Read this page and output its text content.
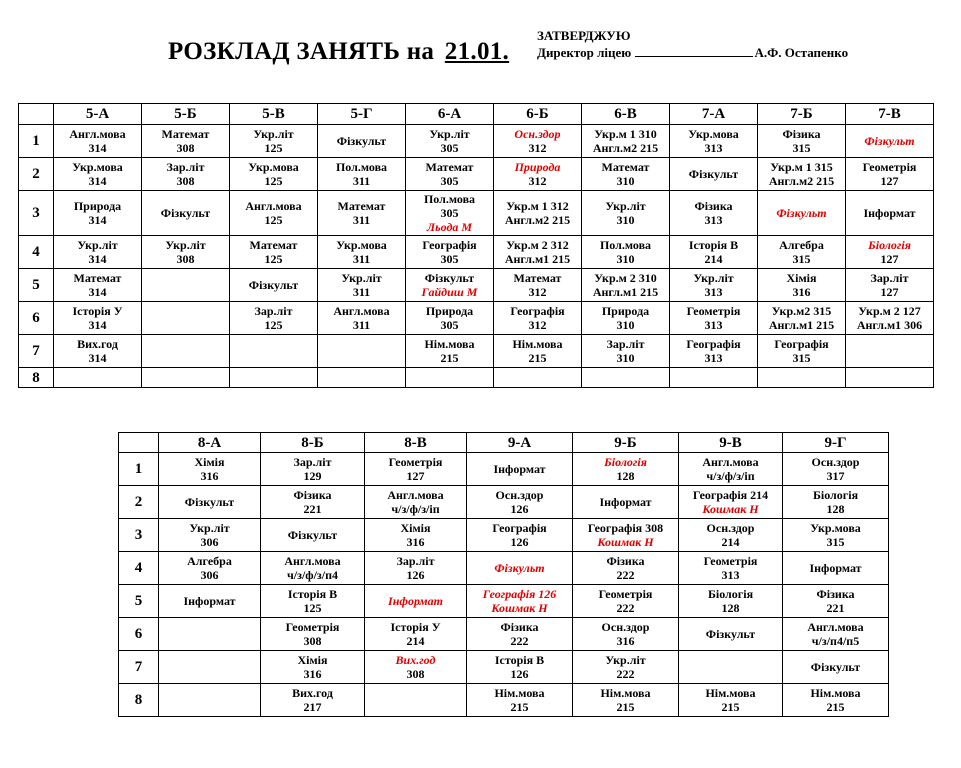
РОЗКЛАД ЗАНЯТЬ на 21.01.
ЗАТВЕРДЖУЮ
Директор ліцею	А.Ф. Остапенко
	5-А	5-Б	5-В	5-Г	6-А	6-Б	6-В	7-А	7-Б	7-В
1	Англ.мова
314	Математ
308	Укр.літ
125	Фізкульт	Укр.літ
305	Осн.здор
312	Укр.м 1 310
Англ.м2 215	Укр.мова
313	Фізика
315	Фізкульт

2	Укр.мова
314	Зар.літ
308	Укр.мова
125	Пол.мова
311	Математ
305	Природа
312	Математ
310	Фізкульт	Укр.м 1 315
Англ.м2 215	Геометрія
127

3	Природа
314	Фізкульт	Англ.мова
125	Математ
311	Пол.мова
305
Льода М	Укр.м 1 312
Англ.м2 215	Укр.літ
310	Фізика
313	Фізкульт	Інформат

4	Укр.літ
314	Укр.літ
308	Математ
125	Укр.мова
311	Географія
305	Укр.м 2 312
Англ.м1 215	Пол.мова
310	Історія В
214	Алгебра
315	Біологія
127

5	Математ
314		Фізкульт	Укр.літ
311	Фізкульт
Гайдиш М	Математ
312	Укр.м 2 310
Англ.м1 215	Укр.літ
313	Хімія
316	Зар.літ
127

6	Історія У
314		Зар.літ
125	Англ.мова
311	Природа
305	Географія
312	Природа
310	Геометрія
313	Укр.м2 315
Англ.м1 215	Укр.м 2 127
Англ.м1 306

7	Вих.год
314				Нім.мова
215	Нім.мова
215	Зар.літ
310	Географія
313	Географія
315	

8										
	8-А	8-Б	8-В	9-А	9-Б	9-В	9-Г
1	Хімія
316	Зар.літ
129	Геометрія
127	Інформат	Біологія
128	Англ.мова
ч/з/ф/з/іп	Осн.здор
317

2	Фізкульт	Фізика
221	Англ.мова
ч/з/ф/з/іп	Осн.здор
126	Інформат	Географія 214
Кошмак Н	Біологія
128

3	Укр.літ
306	Фізкульт	Хімія
316	Географія
126	Географія 308
Кошмак Н	Осн.здор
214	Укр.мова
315

4	Алгебра
306	Англ.мова
ч/з/ф/з/п4	Зар.літ
126	Фізкульт	Фізика
222	Геометрія
313	Інформат

5	Інформат	Історія В
125	Інформат	Географія 126
Кошмак Н	Геометрія
222	Біологія
128	Фізика
221

6		Геометрія
308	Історія У
214	Фізика
222	Осн.здор
316	Фізкульт	Англ.мова
ч/з/п4/п5

7		Хімія
316	Вих.год
308	Історія В
126	Укр.літ
222		Фізкульт

8		Вих.год
217		Нім.мова
215	Нім.мова
215	Нім.мова
215	Нім.мова
215
